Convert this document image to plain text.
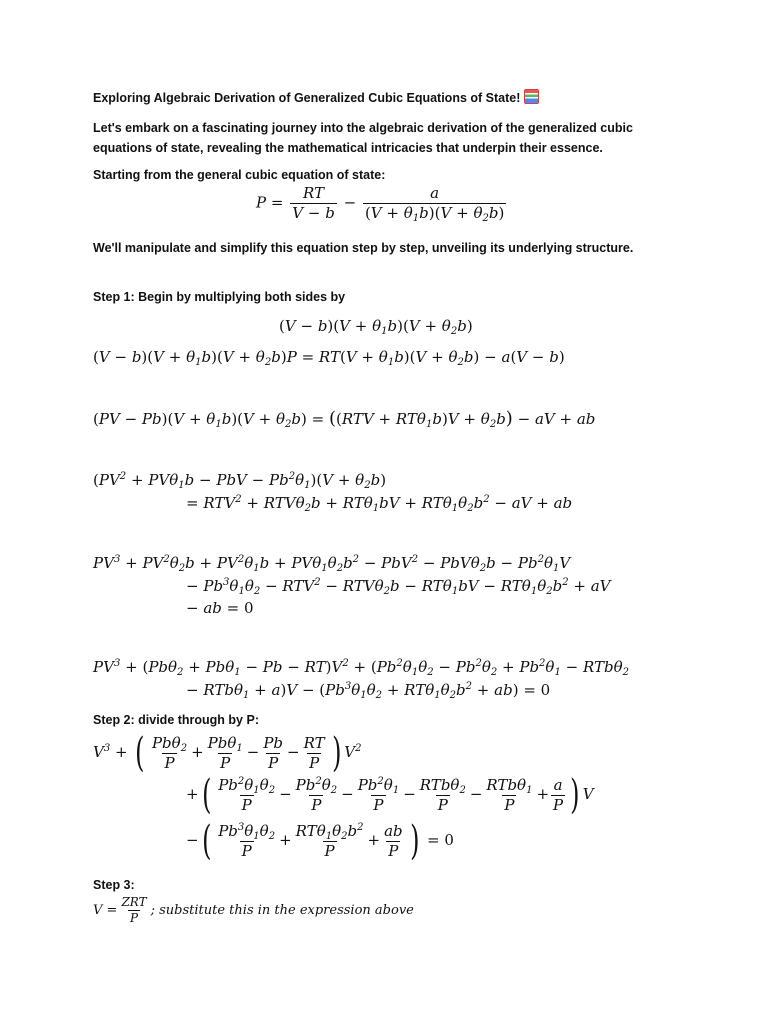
Exploring Algebraic Derivation of Generalized Cubic Equations of State!
Let's embark on a fascinating journey into the algebraic derivation of the generalized cubic equations of state, revealing the mathematical intricacies that underpin their essence.
Starting from the general cubic equation of state:
$P = \frac{RT}{V - b} - \frac{a}{(V + \theta_1b)(V + \theta_2b)}$
We'll manipulate and simplify this equation step by step, unveiling its underlying structure.
Step 1: Begin by multiplying both sides by
$(V - b)(V + \theta_1b)(V + \theta_2b)$
$(V - b)(V + \theta_1b)(V + \theta_2b)P = RT(V + \theta_1b)(V + \theta_2b) - a(V - b)$
$(PV - Pb)(V + \theta_1b)(V + \theta_2b) = ((RTV + RT\theta_1b)V + \theta_2b)$ − aV + ab
($PV^2 + PV\theta_1b$ − PbV − $Pb^2\theta_1)(V + \theta_2b)$
= $RTV^2 + RTV\theta_2b + RT\theta_1bV + RT\theta_1\theta_2b^2$ − aV + ab
$PV^3 + PV^2\theta_2b + PV^2\theta_1b + PV\theta_1\theta_2b^2 - PbV^2 - PbV\theta_2b - Pb^2\theta_1V$
− $Pb^3\theta_1\theta_2 - RTV^2 - RTV\theta_2b - RT\theta_1bV - RT\theta_1\theta_2b^2$ + aV
− ab = 0
$PV^3 + (Pb\theta_2 + Pb\theta_1 - Pb - RT)V^2 + (Pb^2\theta_1\theta_2 - Pb^2\theta_2 + Pb^2\theta_1 - RTb\theta_2$
− $RTb\theta_1 + a)V - (Pb^3\theta_1\theta_2 + RT\theta_1\theta_2b^2 + ab) = 0$
Step 2: divide through by P:
$V^3$ + ( $\frac{Pb\theta_2}{P} + \frac{Pb\theta_1}{P} - \frac{Pb}{P} - \frac{RT}{P}$ ) $V^2$
+( $\frac{Pb^2\theta_1\theta_2}{P} - \frac{Pb^2\theta_2}{P} - \frac{Pb^2\theta_1}{P} - \frac{RTb\theta_2}{P} - \frac{RTb\theta_1}{P} + \frac{a}{P}$ ) V
−( $\frac{Pb^3\theta_1\theta_2}{P} + \frac{RT\theta_1\theta_2b^2}{P} + \frac{ab}{P}$ ) = 0
Step 3:
$V = \frac{\text{ZRT}}{P}$ ; substitute this in the expression above
